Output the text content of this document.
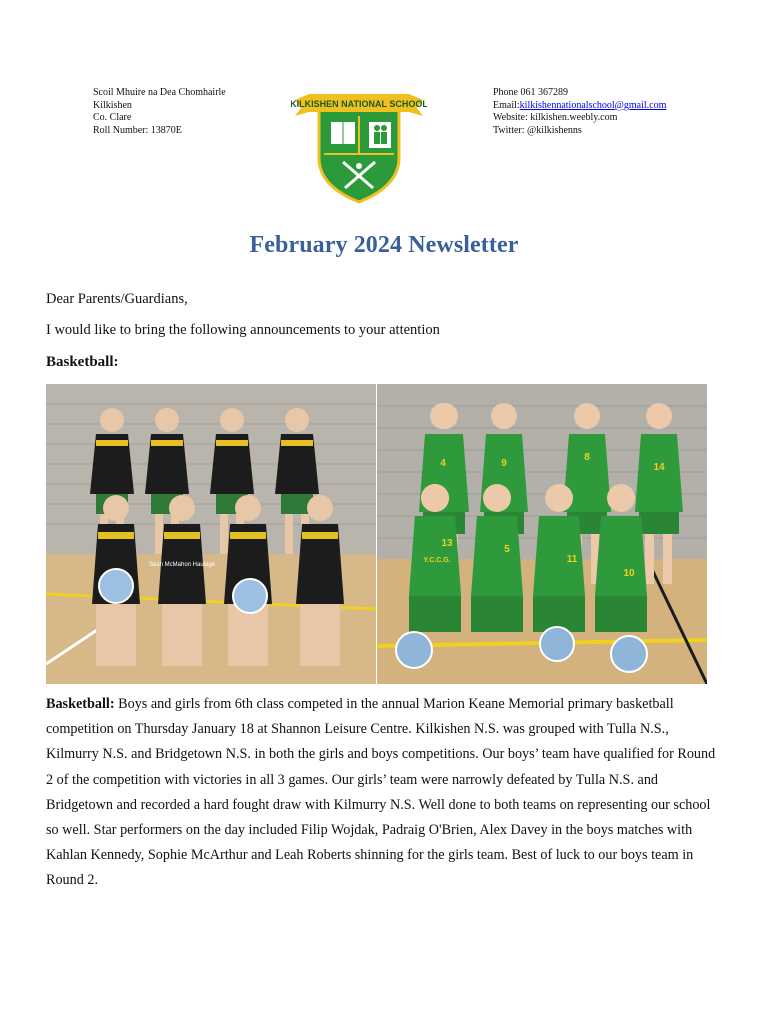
Scoil Mhuire na Dea Chomhairle
Kilkishen
Co. Clare
Roll Number: 13870E
KILKISHEN NATIONAL SCHOOL
Phone 061 367289
Email:kilkishennationalschool@gmail.com
Website: kilkishen.weebly.com
Twitter: @kilkishenns
February 2024 Newsletter
Dear Parents/Guardians,
I would like to bring the following announcements to your attention
Basketball:
Sean McMahon Haulage
4	9
8
14
13
5
11
10
Y.C.C.G.
Basketball: Boys and girls from 6th class competed in the annual Marion Keane Memorial primary basketball competition on Thursday January 18 at Shannon Leisure Centre. Kilkishen N.S. was grouped with Tulla N.S., Kilmurry N.S. and Bridgetown N.S. in both the girls and boys competitions. Our boys’ team have qualified for Round 2 of the competition with victories in all 3 games. Our girls’ team were narrowly defeated by Tulla N.S. and Bridgetown and recorded a hard fought draw with Kilmurry N.S. Well done to both teams on representing our school so well. Star performers on the day included Filip Wojdak, Padraig O'Brien, Alex Davey in the boys matches with Kahlan Kennedy, Sophie McArthur and Leah Roberts shinning for the girls team. Best of luck to our boys team in Round 2.
